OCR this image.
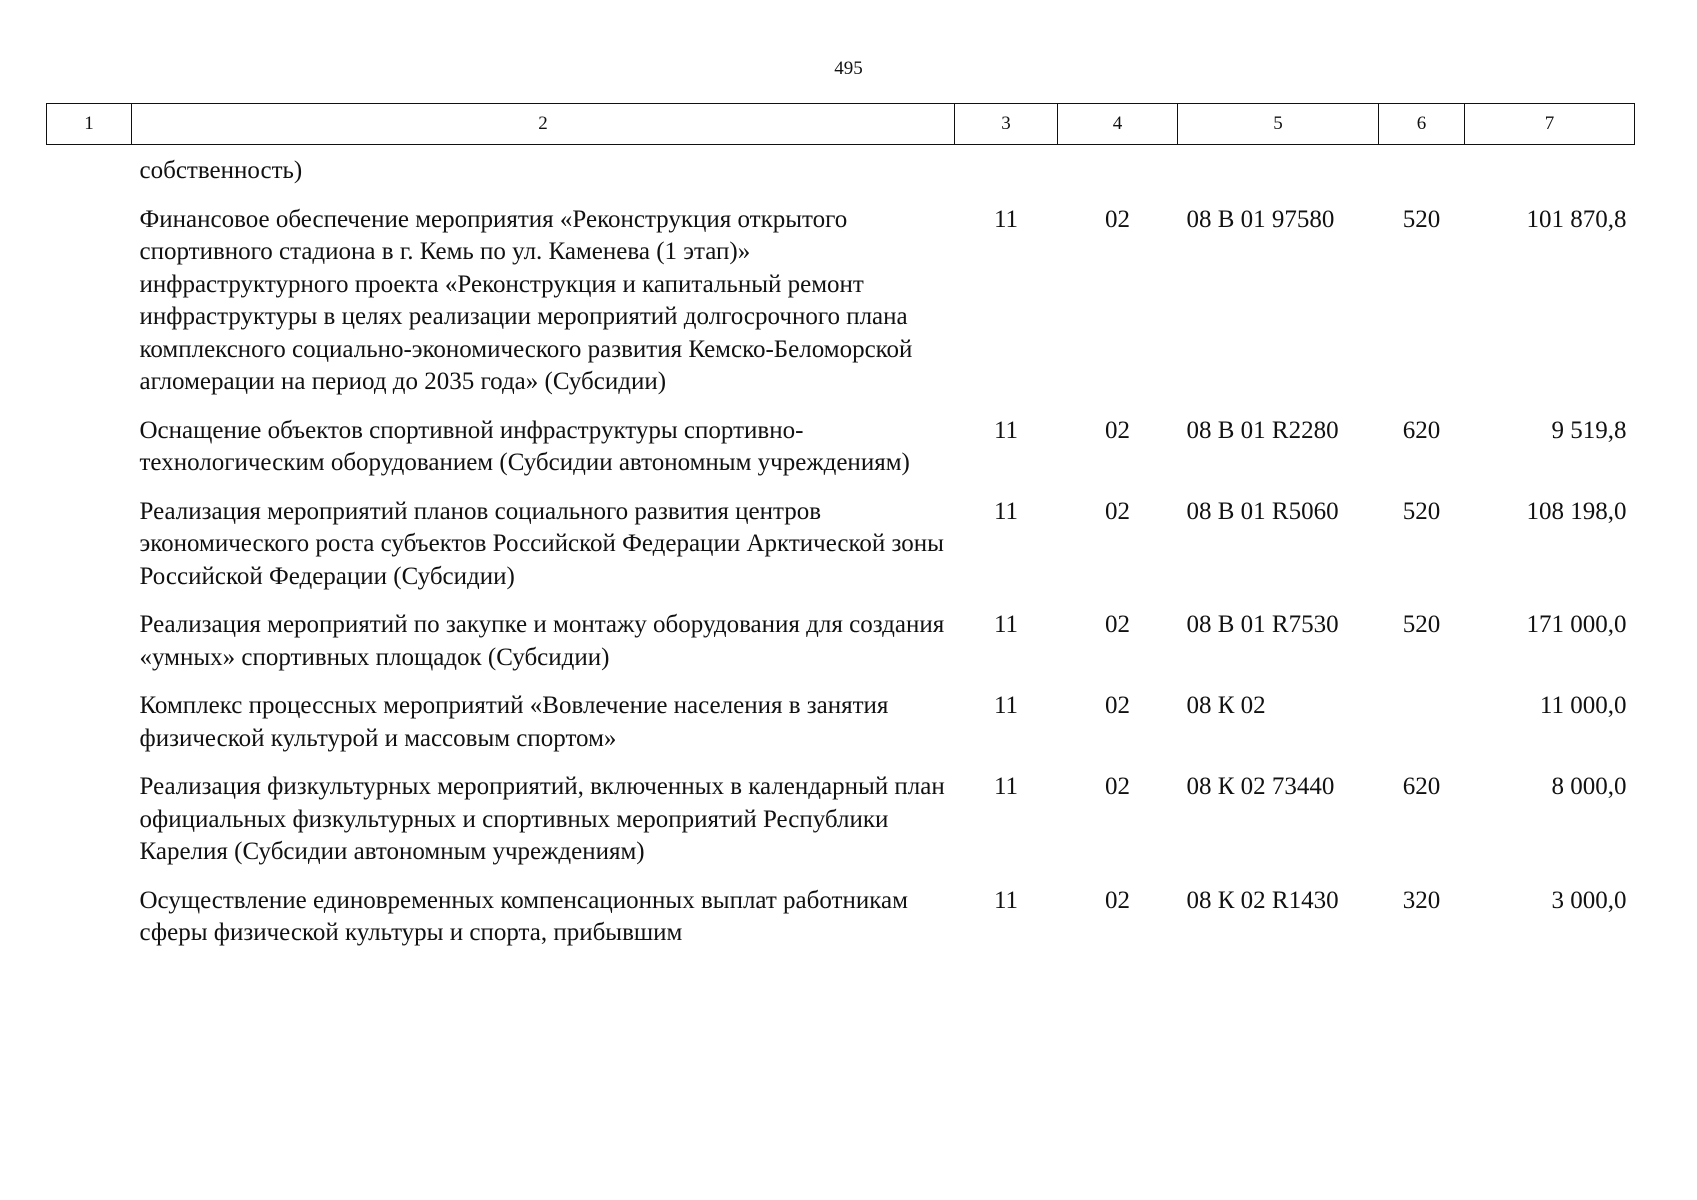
495
1	2	3	4	5	6	7
	собственность)					
	Финансовое обеспечение мероприятия «Реконструкция открытого спортивного стадиона в г. Кемь по ул. Каменева (1 этап)» инфраструктурного проекта «Реконструкция и капитальный ремонт инфраструктуры в целях реализации мероприятий долгосрочного плана комплексного социально-экономического развития Кемско-Беломорской агломерации на период до 2035 года» (Субсидии)	11	02	08 В 01 97580	520	101 870,8
	Оснащение объектов спортивной инфраструктуры спортивно-технологическим оборудованием (Субсидии автономным учреждениям)	11	02	08 В 01 R2280	620	9 519,8
	Реализация мероприятий планов социального развития центров экономического роста субъектов Российской Федерации Арктической зоны Российской Федерации (Субсидии)	11	02	08 В 01 R5060	520	108 198,0
	Реализация мероприятий по закупке и монтажу оборудования для создания «умных» спортивных площадок (Субсидии)	11	02	08 В 01 R7530	520	171 000,0
	Комплекс процессных мероприятий «Вовлечение населения в занятия физической культурой и массовым спортом»	11	02	08 К 02		11 000,0
	Реализация физкультурных мероприятий, включенных в календарный план официальных физкультурных и спортивных мероприятий Республики Карелия (Субсидии автономным учреждениям)	11	02	08 К 02 73440	620	8 000,0
	Осуществление единовременных компенсационных выплат работникам сферы физической культуры и спорта, прибывшим	11	02	08 К 02 R1430	320	3 000,0
